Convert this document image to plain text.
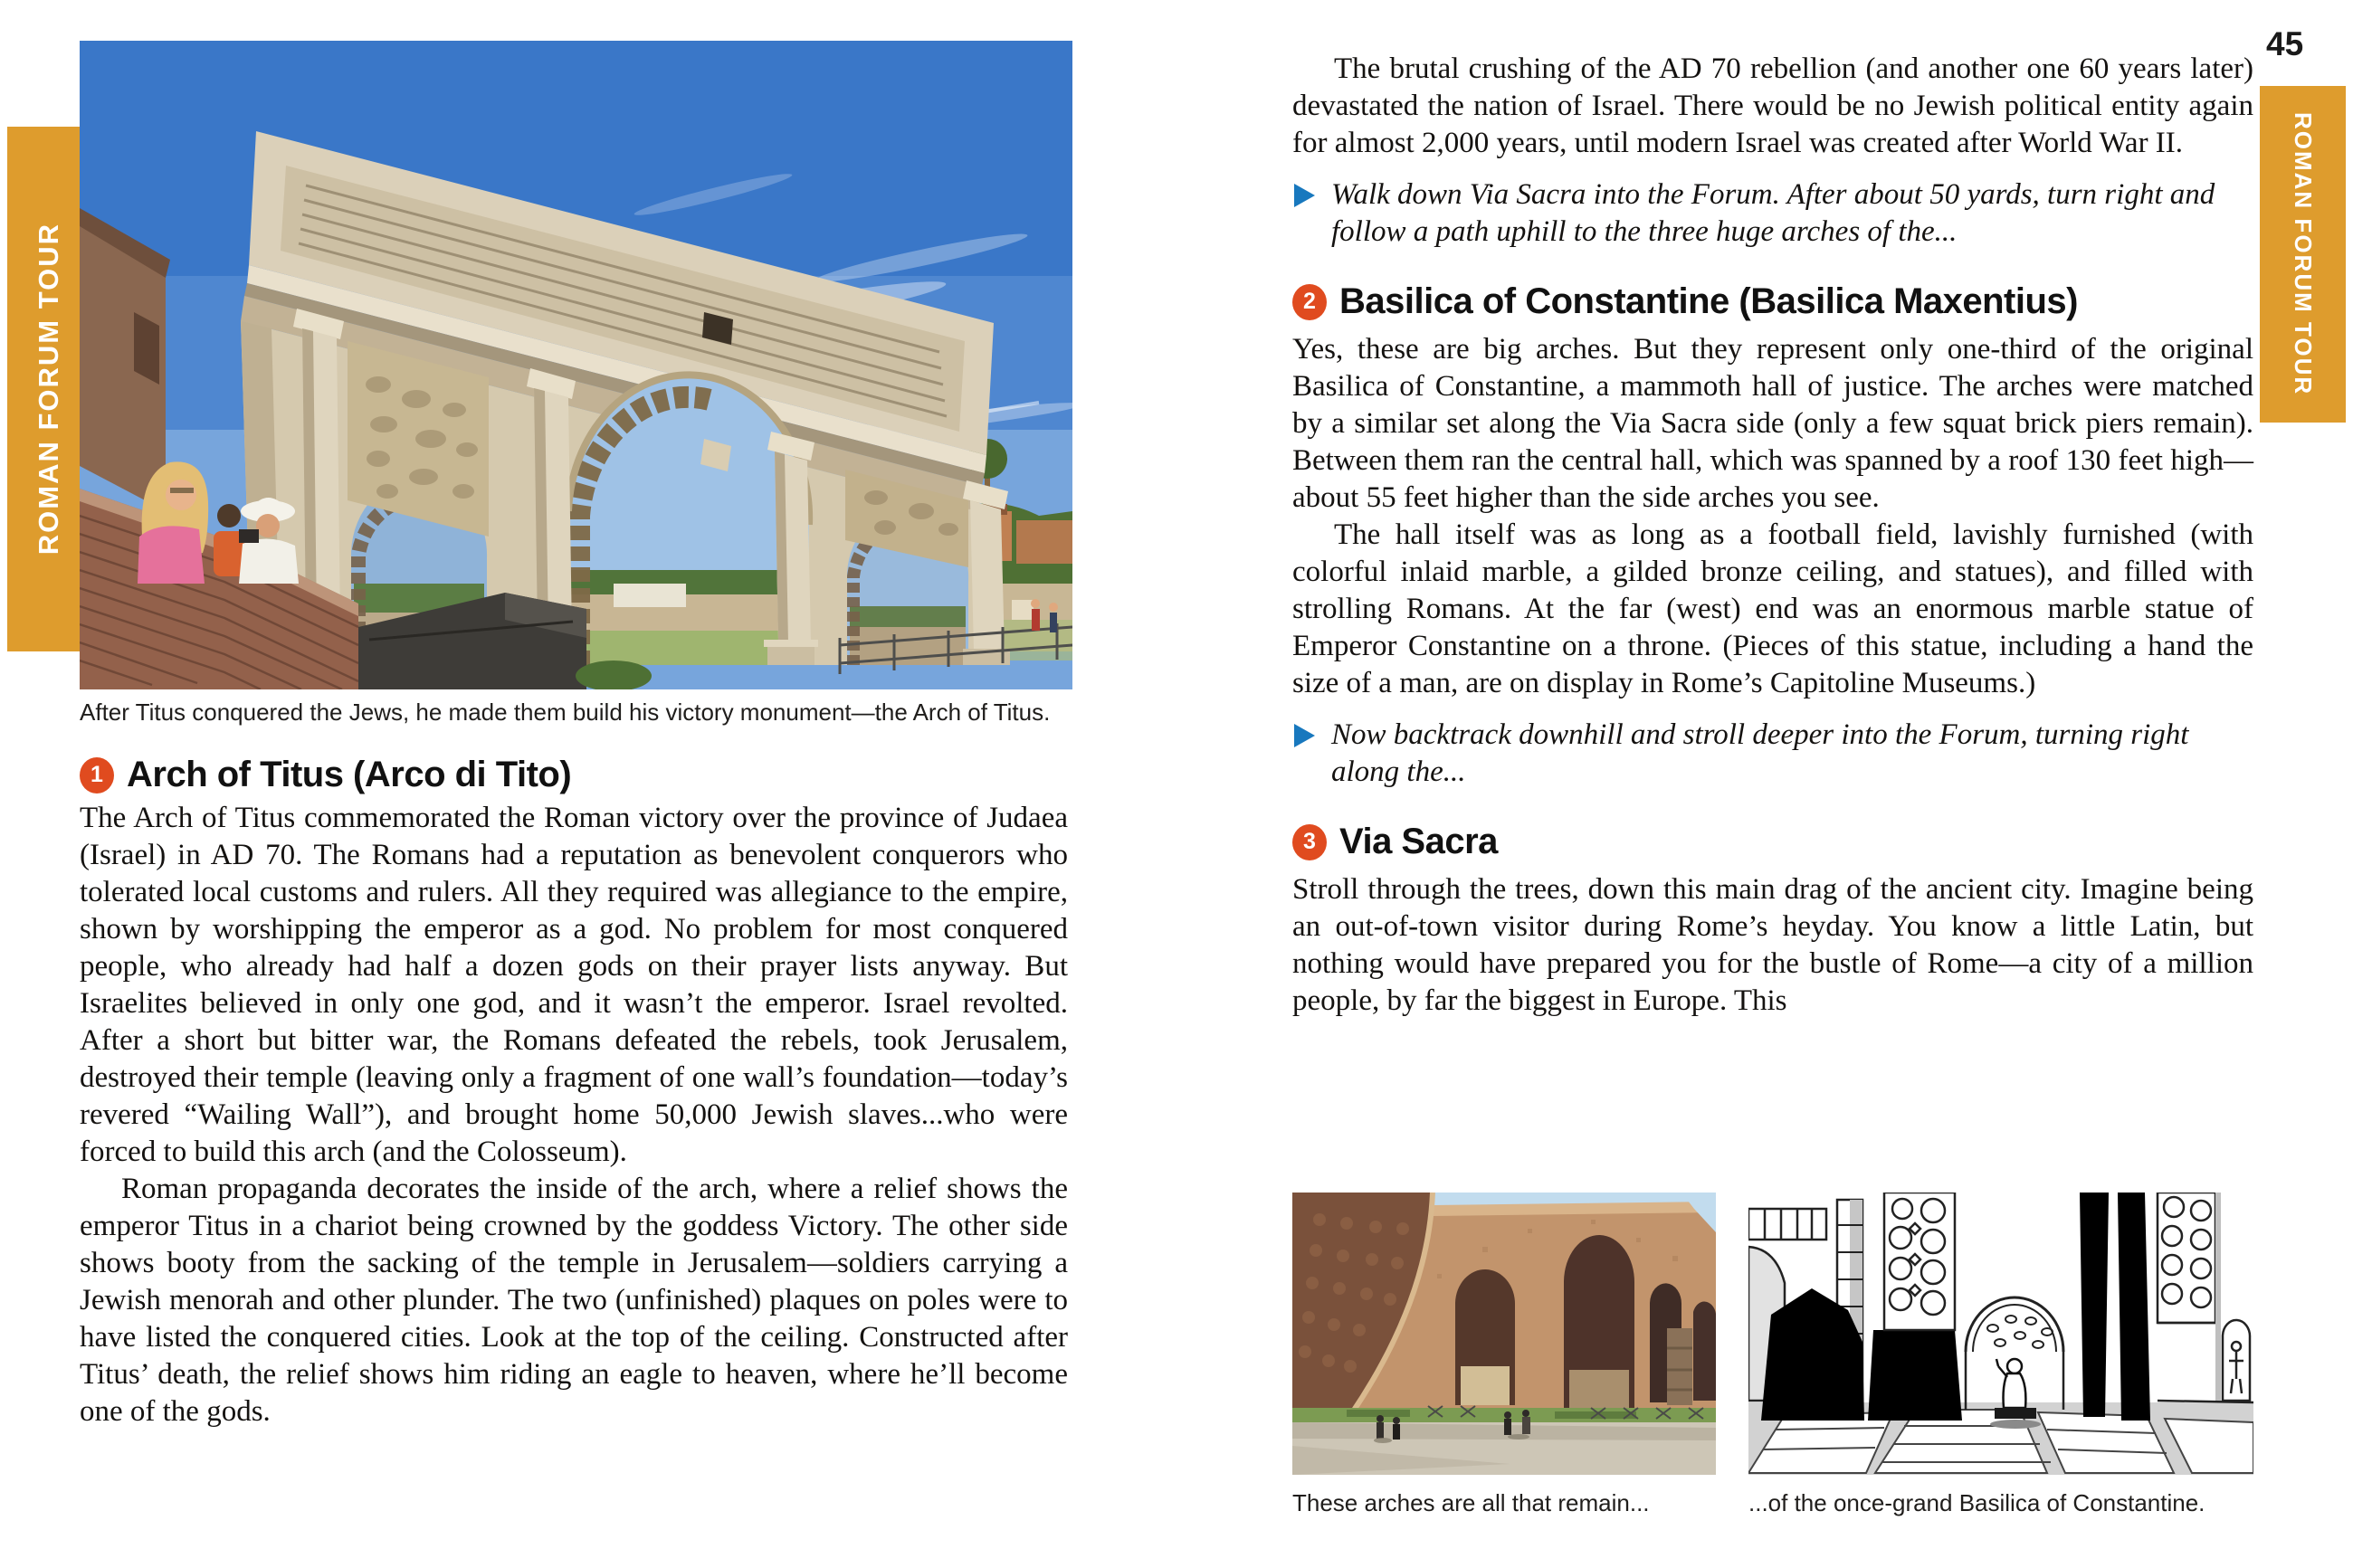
ROMAN FORUM TOUR
After Titus conquered the Jews, he made them build his victory monument—the Arch of Titus.
1 Arch of Titus (Arco di Tito)

The Arch of Titus commemorated the Roman victory over the province of Judaea (Israel) in AD 70. The Romans had a reputation as benevolent conquerors who tolerated local customs and rulers. All they required was allegiance to the empire, shown by worshipping the emperor as a god. No problem for most conquered people, who already had half a dozen gods on their prayer lists anyway. But Israelites believed in only one god, and it wasn’t the emperor. Israel revolted. After a short but bitter war, the Romans defeated the rebels, took Jerusalem, destroyed their temple (leaving only a fragment of one wall’s foundation—today’s revered “Wailing Wall”), and brought home 50,000 Jewish slaves...who were forced to build this arch (and the Colosseum).

Roman propaganda decorates the inside of the arch, where a relief shows the emperor Titus in a chariot being crowned by the goddess Victory. The other side shows booty from the sacking of the temple in Jerusalem—soldiers carrying a Jewish menorah and other plunder. The two (unfinished) plaques on poles were to have listed the conquered cities. Look at the top of the ceiling. Constructed after Titus’ death, the relief shows him riding an eagle to heaven, where he’ll become one of the gods.

45
ROMAN FORUM TOUR

The brutal crushing of the AD 70 rebellion (and another one 60 years later) devastated the nation of Israel. There would be no Jewish political entity again for almost 2,000 years, until modern Israel was created after World War II.

Walk down Via Sacra into the Forum. After about 50 yards, turn right and follow a path uphill to the three huge arches of the...
2 Basilica of Constantine (Basilica Maxentius)

Yes, these are big arches. But they represent only one-third of the original Basilica of Constantine, a mammoth hall of justice. The arches were matched by a similar set along the Via Sacra side (only a few squat brick piers remain). Between them ran the central hall, which was spanned by a roof 130 feet high—about 55 feet higher than the side arches you see.

The hall itself was as long as a football field, lavishly furnished (with colorful inlaid marble, a gilded bronze ceiling, and statues), and filled with strolling Romans. At the far (west) end was an enormous marble statue of Emperor Constantine on a throne. (Pieces of this statue, including a hand the size of a man, are on display in Rome’s Capitoline Museums.)

Now backtrack downhill and stroll deeper into the Forum, turning right along the...
3 Via Sacra

Stroll through the trees, down this main drag of the ancient city. Imagine being an out-of-town visitor during Rome’s heyday. You know a little Latin, but nothing would have prepared you for the bustle of Rome—a city of a million people, by far the biggest in Europe. This

These arches are all that remain...	...of the once-grand Basilica of Constantine.
